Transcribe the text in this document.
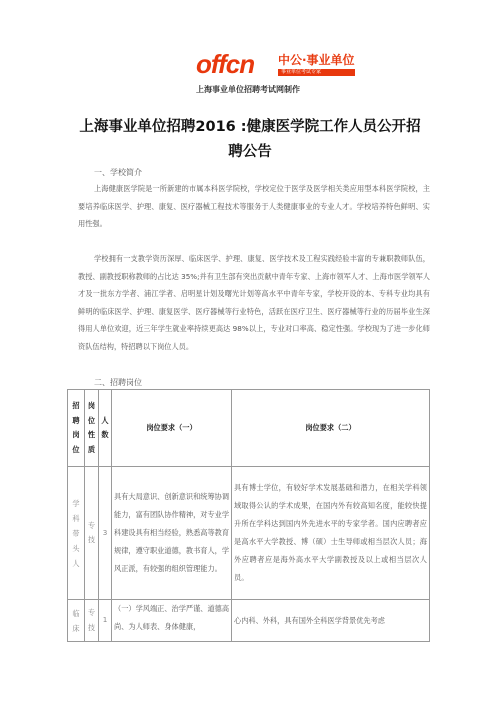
offcn 中公·事业单位
事业单位考试专家
上海事业单位招聘考试网制作
上海事业单位招聘2016 :健康医学院工作人员公开招
聘公告
一、学校简介

上海健康医学院是一所新建的市属本科医学院校，学校定位于医学及医学相关类应用型本科医学院校，主要培养临床医学、护理、康复、医疗器械工程技术等服务于人类健康事业的专业人才。学校培养特色鲜明、实用性强。

学校拥有一支教学资历深厚、临床医学、护理、康复、医学技术及工程实践经验丰富的专兼职教师队伍，教授、副教授职称教师的占比达 35%;并有卫生部有突出贡献中青年专家、上海市领军人才、上海市医学领军人才及一批东方学者、浦江学者、启明星计划及曙光计划等高水平中青年专家，学校开设的本、专科专业均具有鲜明的临床医学、护理、康复医学、医疗器械等行业特色，活跃在医疗卫生、医疗器械等行业的历届毕业生深得用人单位欢迎，近三年学生就业率持续更高达 98%以上，专业对口率高、稳定性强。学校现为了进一步化师资队伍结构，特招聘以下岗位人员。

二、招聘岗位
招聘岗位	岗位性质	人数	岗位要求（一）	岗位要求（二）

学科带头人	专技	3	具有大局意识、创新意识和统筹协调能力，富有团队协作精神，对专业学科建设具有相当经验，熟悉高等教育规律，遵守职业道德，教书育人，学风正派，有较强的组织管理能力。	具有博士学位，有较好学术发展基础和潜力，在相关学科领域取得公认的学术成果，在国内外有较高知名度，能较快提升所在学科达到国内外先进水平的专家学者。国内应聘者应是高水平大学教授、博（硕）士生导师或相当层次人员；海外应聘者应是海外高水平大学副教授及以上或相当层次人员。

临床	专技	1	（一）学风端正、治学严谨、道德高尚、为人师表、身体健康，	心内科、外科，具有国外全科医学背景优先考虑
